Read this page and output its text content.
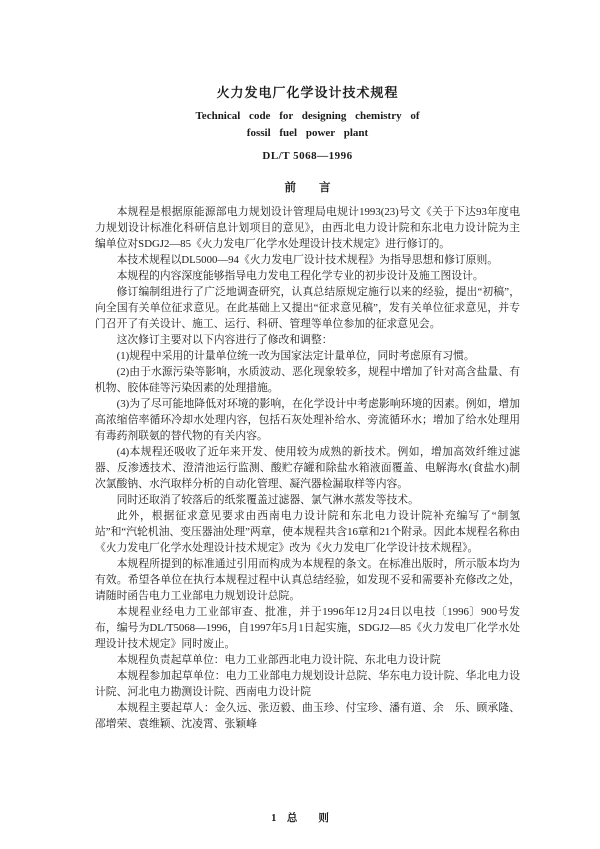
火力发电厂化学设计技术规程
Technical code for designing chemistry of
fossil fuel power plant
DL/T 5068—1996
前　　言

本规程是根据原能源部电力规划设计管理局电规计1993(23)号文《关于下达93年度电力规划设计标准化科研信息计划项目的意见》，由西北电力设计院和东北电力设计院为主编单位对SDGJ2—85《火力发电厂化学水处理设计技术规定》进行修订的。

本技术规程以DL5000—94《火力发电厂设计技术规程》为指导思想和修订原则。

本规程的内容深度能够指导电力发电工程化学专业的初步设计及施工图设计。

修订编制组进行了广泛地调查研究，认真总结原规定施行以来的经验，提出“初稿”，向全国有关单位征求意见。在此基础上又提出“征求意见稿”，发有关单位征求意见，并专门召开了有关设计、施工、运行、科研、管理等单位参加的征求意见会。

这次修订主要对以下内容进行了修改和调整：

(1)规程中采用的计量单位统一改为国家法定计量单位，同时考虑原有习惯。

(2)由于水源污染等影响，水质波动、恶化现象较多，规程中增加了针对高含盐量、有机物、胶体硅等污染因素的处理措施。

(3)为了尽可能地降低对环境的影响，在化学设计中考虑影响环境的因素。例如，增加高浓缩倍率循环冷却水处理内容，包括石灰处理补给水、旁流循环水；增加了给水处理用有毒药剂联氨的替代物的有关内容。

(4)本规程还吸收了近年来开发、使用较为成熟的新技术。例如，增加高效纤维过滤器、反渗透技术、澄清池运行监测、酸贮存罐和除盐水箱液面覆盖、电解海水(食盐水)制次氯酸钠、水汽取样分析的自动化管理、凝汽器检漏取样等内容。

同时还取消了较落后的纸浆覆盖过滤器、氯气淋水蒸发等技术。

此外，根据征求意见要求由西南电力设计院和东北电力设计院补充编写了“制氢站”和“汽轮机油、变压器油处理”两章，使本规程共含16章和21个附录。因此本规程名称由《火力发电厂化学水处理设计技术规定》改为《火力发电厂化学设计技术规程》。

本规程所提到的标准通过引用而构成为本规程的条文。在标准出版时，所示版本均为有效。希望各单位在执行本规程过程中认真总结经验，如发现不妥和需要补充修改之处，请随时函告电力工业部电力规划设计总院。

本规程业经电力工业部审查、批准，并于1996年12月24日以电技〔1996〕900号发布，编号为DL/T5068—1996，自1997年5月1日起实施，SDGJ2—85《火力发电厂化学水处理设计技术规定》同时废止。

本规程负责起草单位：电力工业部西北电力设计院、东北电力设计院

本规程参加起草单位：电力工业部电力规划设计总院、华东电力设计院、华北电力设计院、河北电力勘测设计院、西南电力设计院

本规程主要起草人：金久远、张迈毅、曲玉珍、付宝珍、潘有道、余　乐、顾承隆、邵增荣、袁维颖、沈凌霄、张颖峰

1　总　　则
